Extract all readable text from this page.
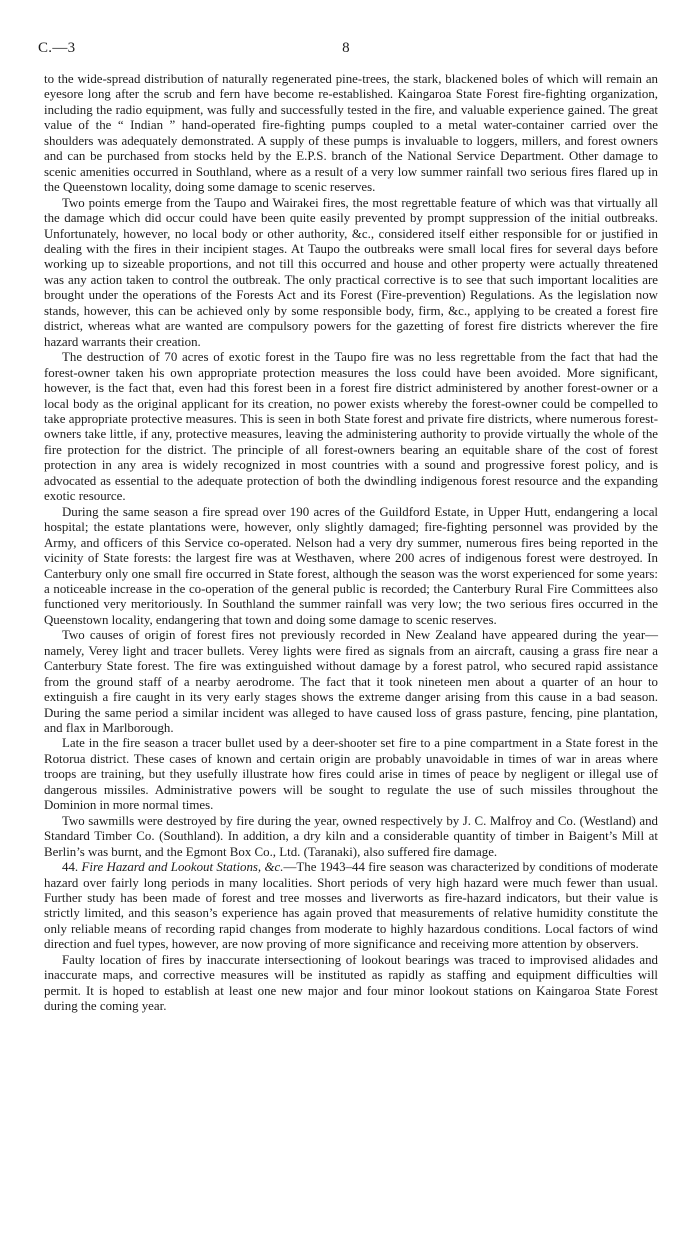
C.—3	8

to the wide-spread distribution of naturally regenerated pine-trees, the stark, blackened boles of which will remain an eyesore long after the scrub and fern have become re-established. Kaingaroa State Forest fire-fighting organization, including the radio equipment, was fully and successfully tested in the fire, and valuable experience gained. The great value of the “ Indian ” hand-operated fire-fighting pumps coupled to a metal water-container carried over the shoulders was adequately demonstrated. A supply of these pumps is invaluable to loggers, millers, and forest owners and can be purchased from stocks held by the E.P.S. branch of the National Service Department. Other damage to scenic amenities occurred in Southland, where as a result of a very low summer rainfall two serious fires flared up in the Queenstown locality, doing some damage to scenic reserves.

Two points emerge from the Taupo and Wairakei fires, the most regrettable feature of which was that virtually all the damage which did occur could have been quite easily prevented by prompt suppression of the initial outbreaks. Unfortunately, however, no local body or other authority, &c., considered itself either responsible for or justified in dealing with the fires in their incipient stages. At Taupo the outbreaks were small local fires for several days before working up to sizeable proportions, and not till this occurred and house and other property were actually threatened was any action taken to control the outbreak. The only practical corrective is to see that such important localities are brought under the operations of the Forests Act and its Forest (Fire-prevention) Regulations. As the legislation now stands, however, this can be achieved only by some responsible body, firm, &c., applying to be created a forest fire district, whereas what are wanted are compulsory powers for the gazetting of forest fire districts wherever the fire hazard warrants their creation.

The destruction of 70 acres of exotic forest in the Taupo fire was no less regrettable from the fact that had the forest-owner taken his own appropriate protection measures the loss could have been avoided. More significant, however, is the fact that, even had this forest been in a forest fire district administered by another forest-owner or a local body as the original applicant for its creation, no power exists whereby the forest-owner could be compelled to take appropriate protective measures. This is seen in both State forest and private fire districts, where numerous forest-owners take little, if any, protective measures, leaving the administering authority to provide virtually the whole of the fire protection for the district. The principle of all forest-owners bearing an equitable share of the cost of forest protection in any area is widely recognized in most countries with a sound and progressive forest policy, and is advocated as essential to the adequate protection of both the dwindling indigenous forest resource and the expanding exotic resource.

During the same season a fire spread over 190 acres of the Guildford Estate, in Upper Hutt, endangering a local hospital; the estate plantations were, however, only slightly damaged; fire-fighting personnel was provided by the Army, and officers of this Service co-operated. Nelson had a very dry summer, numerous fires being reported in the vicinity of State forests: the largest fire was at Westhaven, where 200 acres of indigenous forest were destroyed. In Canterbury only one small fire occurred in State forest, although the season was the worst experienced for some years: a noticeable increase in the co-operation of the general public is recorded; the Canterbury Rural Fire Committees also functioned very meritoriously. In Southland the summer rainfall was very low; the two serious fires occurred in the Queenstown locality, endangering that town and doing some damage to scenic reserves.

Two causes of origin of forest fires not previously recorded in New Zealand have appeared during the year—namely, Verey light and tracer bullets. Verey lights were fired as signals from an aircraft, causing a grass fire near a Canterbury State forest. The fire was extinguished without damage by a forest patrol, who secured rapid assistance from the ground staff of a nearby aerodrome. The fact that it took nineteen men about a quarter of an hour to extinguish a fire caught in its very early stages shows the extreme danger arising from this cause in a bad season. During the same period a similar incident was alleged to have caused loss of grass pasture, fencing, pine plantation, and flax in Marlborough.

Late in the fire season a tracer bullet used by a deer-shooter set fire to a pine compartment in a State forest in the Rotorua district. These cases of known and certain origin are probably unavoidable in times of war in areas where troops are training, but they usefully illustrate how fires could arise in times of peace by negligent or illegal use of dangerous missiles. Administrative powers will be sought to regulate the use of such missiles throughout the Dominion in more normal times.

Two sawmills were destroyed by fire during the year, owned respectively by J. C. Malfroy and Co. (Westland) and Standard Timber Co. (Southland). In addition, a dry kiln and a considerable quantity of timber in Baigent’s Mill at Berlin’s was burnt, and the Egmont Box Co., Ltd. (Taranaki), also suffered fire damage.

44. Fire Hazard and Lookout Stations, &c.—The 1943–44 fire season was characterized by conditions of moderate hazard over fairly long periods in many localities. Short periods of very high hazard were much fewer than usual. Further study has been made of forest and tree mosses and liverworts as fire-hazard indicators, but their value is strictly limited, and this season’s experience has again proved that measurements of relative humidity constitute the only reliable means of recording rapid changes from moderate to highly hazardous conditions. Local factors of wind direction and fuel types, however, are now proving of more significance and receiving more attention by observers.

Faulty location of fires by inaccurate intersectioning of lookout bearings was traced to improvised alidades and inaccurate maps, and corrective measures will be instituted as rapidly as staffing and equipment difficulties will permit. It is hoped to establish at least one new major and four minor lookout stations on Kaingaroa State Forest during the coming year.
